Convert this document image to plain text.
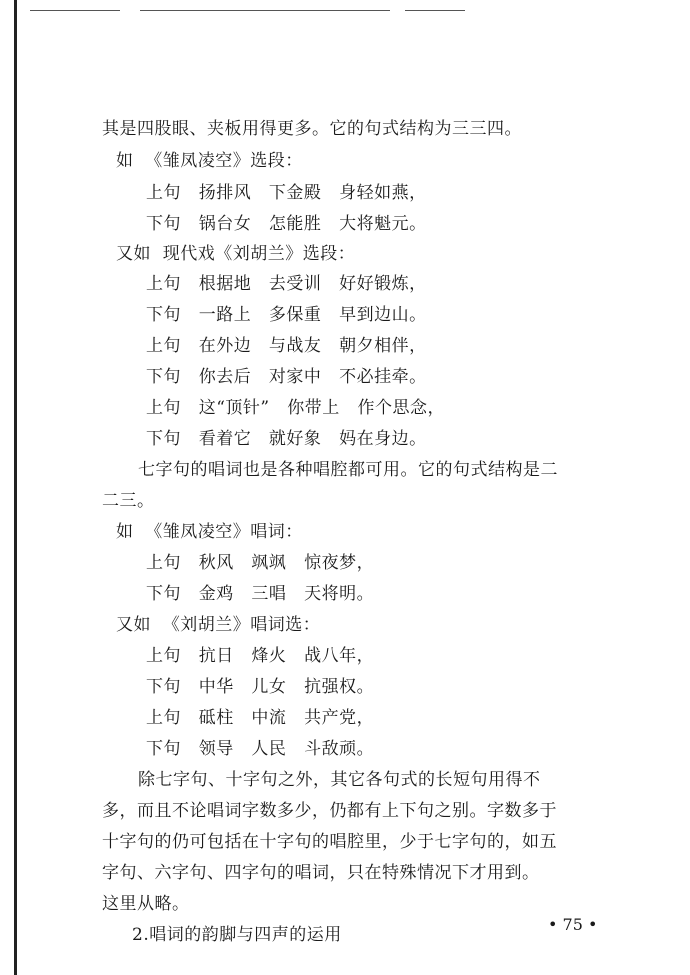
其是四股眼、夹板用得更多。它的句式结构为三三四。
如  《雏凤凌空》选段：
上句   扬排风   下金殿   身轻如燕，
下句   锅台女   怎能胜   大将魁元。
又如  现代戏《刘胡兰》选段：
上句   根据地   去受训   好好锻炼，
下句   一路上   多保重   早到边山。
上句   在外边   与战友   朝夕相伴，
下句   你去后   对家中   不必挂牵。
上句   这“顶针”   你带上   作个思念，
下句   看着它   就好象   妈在身边。
七字句的唱词也是各种唱腔都可用。它的句式结构是二
二三。
如  《雏凤凌空》唱词：
上句   秋风   飒飒   惊夜梦，
下句   金鸡   三唱   天将明。
又如  《刘胡兰》唱词选：
上句   抗日   烽火   战八年，
下句   中华   儿女   抗强权。
上句   砥柱   中流   共产党，
下句   领导   人民   斗敌顽。
除七字句、十字句之外，其它各句式的长短句用得不
多，而且不论唱词字数多少，仍都有上下句之别。字数多于
十字句的仍可包括在十字句的唱腔里，少于七字句的，如五
字句、六字句、四字句的唱词，只在特殊情况下才用到。
这里从略。
2.唱词的韵脚与四声的运用
• 75 •
